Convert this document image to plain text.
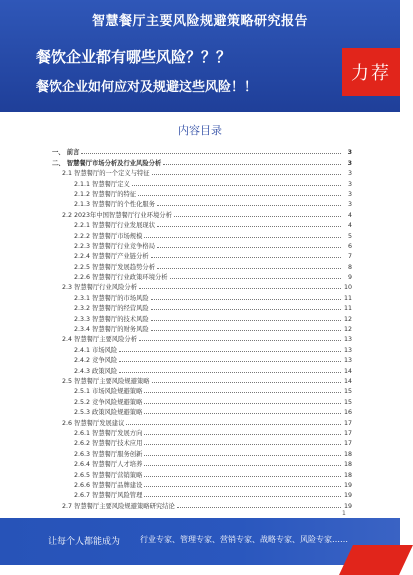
智慧餐厅主要风险规避策略研究报告
餐饮企业都有哪些风险？？？
餐饮企业如何应对及规避这些风险！！
力荐
内容目录
一、 前言	3
二、 智慧餐厅市场分析及行业风险分析	3
2.1 智慧餐厅的一个定义与特征	3
2.1.1 智慧餐厅定义	3
2.1.2 智慧餐厅的特征	3
2.1.3 智慧餐厅的个性化服务	3
2.2 2023年中国智慧餐厅行业环境分析	4
2.2.1 智慧餐厅行业发展现状	4
2.2.2 智慧餐厅市场规模	5
2.2.3 智慧餐厅行业竞争格局	6
2.2.4 智慧餐厅产业链分析	7
2.2.5 智慧餐厅发展趋势分析	8
2.2.6 智慧餐厅行业政策环境分析	9
2.3 智慧餐厅行业风险分析	10
2.3.1 智慧餐厅的市场风险	11
2.3.2 智慧餐厅的经营风险	11
2.3.3 智慧餐厅的技术风险	12
2.3.4 智慧餐厅的财务风险	12
2.4 智慧餐厅主要风险分析	13
2.4.1 市场风险	13
2.4.2 竞争风险	13
2.4.3 政策风险	14
2.5 智慧餐厅主要风险规避策略	14
2.5.1 市场风险规避策略	15
2.5.2 竞争风险规避策略	15
2.5.3 政策风险规避策略	16
2.6 智慧餐厅发展建议	17
2.6.1 智慧餐厅发展方向	17
2.6.2 智慧餐厅技术应用	17
2.6.3 智慧餐厅服务创新	18
2.6.4 智慧餐厅人才培养	18
2.6.5 智慧餐厅营销策略	18
2.6.6 智慧餐厅品牌建设	19
2.6.7 智慧餐厅风险管理	19
2.7 智慧餐厅主要风险规避策略研究结论	19
1
让每个人都能成为 行业专家、管理专家、营销专家、战略专家、风险专家……
